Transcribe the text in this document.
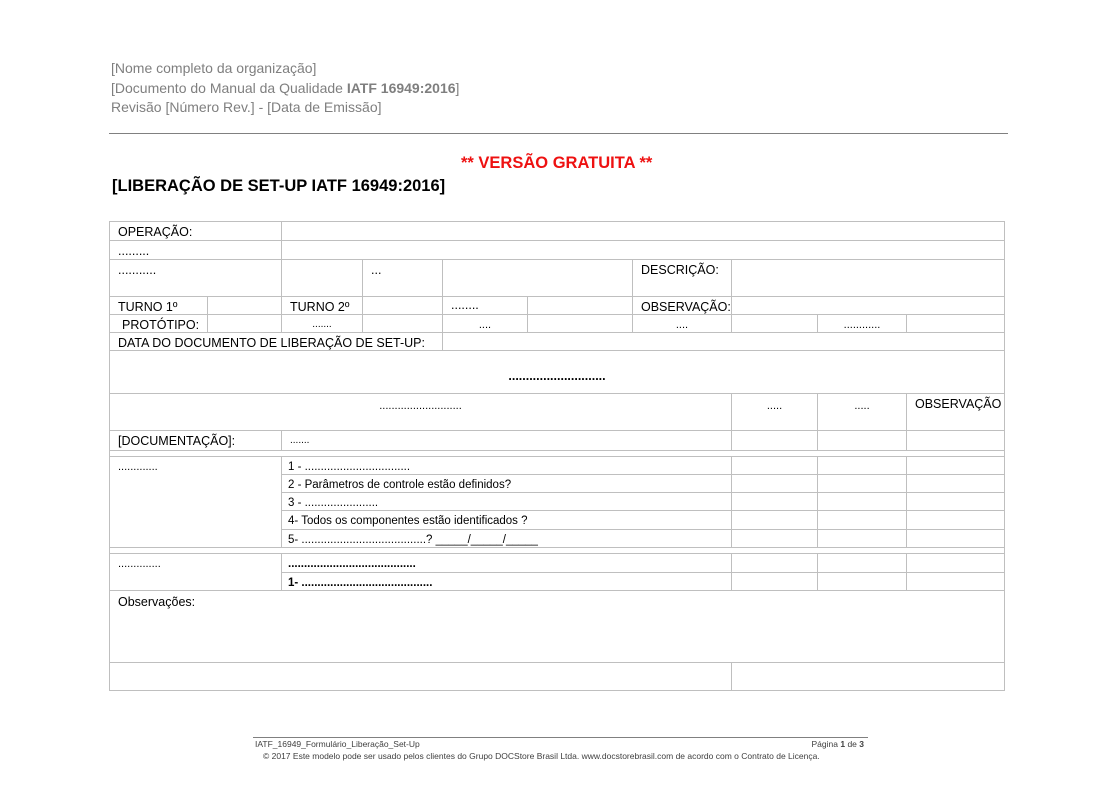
[Nome completo da organização]
[Documento do Manual da Qualidade IATF 16949:2016]
Revisão [Número Rev.] - [Data de Emissão]
** VERSÃO GRATUITA **
[LIBERAÇÃO DE SET-UP IATF 16949:2016]
OPERAÇÃO:
.........
...........	...	DESCRIÇÃO:
TURNO 1º	TURNO 2º	........	OBSERVAÇÃO:
PROTÓTIPO:	.......	....	....	............
DATA DO DOCUMENTO DE LIBERAÇÃO DE SET-UP:
............................
...........................	.....	.....	OBSERVAÇÃO
[DOCUMENTAÇÃO]:	.......
.............	1 - .................................
2 - Parâmetros de controle estão definidos?
3 - .......................
4- Todos os componentes estão identificados ?
5- .......................................? _____/_____/_____
..............	........................................
1- .........................................
Observações:
IATF_16949_Formulário_Liberação_Set-Up	Página 1 de 3
© 2017 Este modelo pode ser usado pelos clientes do Grupo DOCStore Brasil Ltda. www.docstorebrasil.com de acordo com o Contrato de Licença.
